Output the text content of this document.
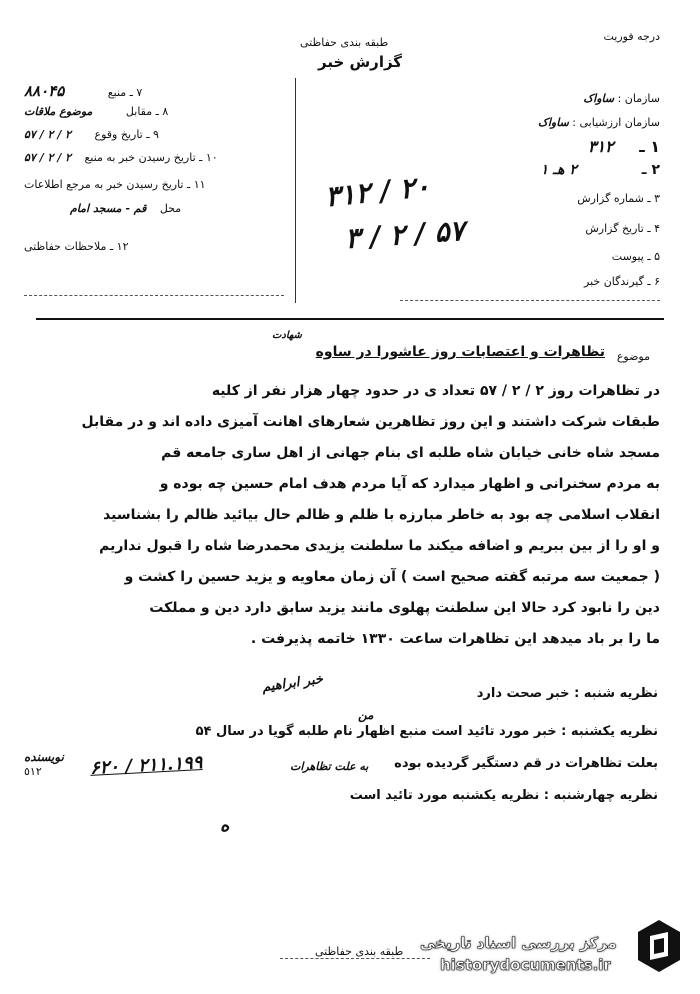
درجه فوريت
طبقه بندی حفاظتی
گزارش خبر
۷ ـ منبع ۸۸۰۴۵
۸ ـ مقابل موضوع ملاقات
۹ ـ تاریخ وقوع ۲ / ۲ / ۵۷
۱۰ ـ تاریخ رسیدن خبر به منبع ۲ / ۲ / ۵۷
۱۱ ـ تاریخ رسیدن خبر به مرجع اطلاعات
محل قم - مسجد امام
۱۲ ـ ملاحظات حفاظتی
سازمان : ساواک
سازمان ارزشیابی : ساواک
۱ ـ ۳۱۲
۲ ـ ۲ هـ ۱
۳ ـ شماره گزارش
۴ ـ تاریخ گزارش
۵ ـ پیوست
۶ ـ گیرندگان خبر
۲۰ / ۳۱۲
۵۷ / ۲ / ۳
موضوع
تظاهرات و اعتصابات روز عاشورا در ساوه
شهادت
در تظاهرات روز ۲ / ۲ / ۵۷ تعداد ی در حدود چهار هزار نفر از کلیه
طبقات شرکت داشتند و این روز تظاهرین شعارهای اهانت آمیزی داده اند و در مقابل
مسجد شاه خانی خیابان شاه طلبه ای بنام جهانی از اهل ساری جامعه قم
به مردم سخنرانی و اظهار میدارد که آیا مردم هدف امام حسین چه بوده و
انقلاب اسلامی چه بود به خاطر مبارزه با ظلم و ظالم حال بیائید ظالم را بشناسید
و او را از بین ببریم و اضافه میکند ما سلطنت یزیدی محمدرضا شاه را قبول نداریم
( جمعیت سه مرتبه گفته صحیح است ) آن زمان معاویه و یزید حسین را کشت و
دین را نابود کرد حالا این سلطنت پهلوی مانند یزید سابق دارد دین و مملکت
ما را بر باد میدهد این تظاهرات ساعت ۱۳۳۰ خاتمه پذیرفت .
خبر ابراهیم
من
نظریه شنبه : خبر صحت دارد
نظریه یکشنبه : خبر مورد تائید است منبع اظهار نام طلبه گویا در سال ۵۴
بعلت تظاهرات در قم دستگیر گردیده بوده
نظریه چهارشنبه : نظریه یکشنبه مورد تائید است
نویسنده ۲۱۱.۱۹۹ / ۶۲۰
ه
به علت تظاهرات
٥١٢
طبقه بندی حفاظتی مرکز بررسی اسناد تاریخی
historydocuments.ir
